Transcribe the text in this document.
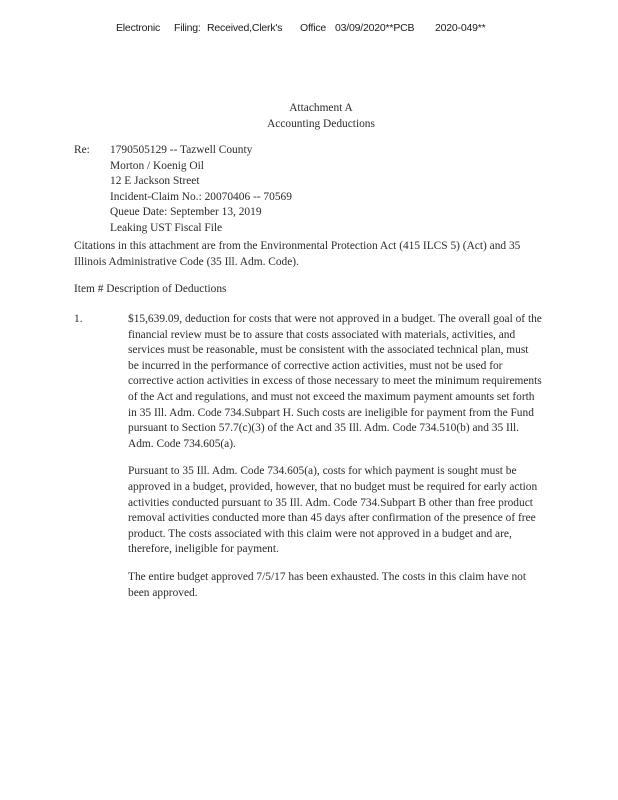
Electronic Filing: Received,Clerk's Office 03/09/2020**PCB 2020-049**
Attachment A
Accounting Deductions
Re: 1790505129 -- Tazwell County
Morton / Koenig Oil
12 E Jackson Street
Incident-Claim No.: 20070406 -- 70569
Queue Date: September 13, 2019
Leaking UST Fiscal File
Citations in this attachment are from the Environmental Protection Act (415 ILCS 5) (Act) and 35 Illinois Administrative Code (35 Ill. Adm. Code).
Item # Description of Deductions
1.	$15,639.09, deduction for costs that were not approved in a budget. The overall goal of the financial review must be to assure that costs associated with materials, activities, and services must be reasonable, must be consistent with the associated technical plan, must be incurred in the performance of corrective action activities, must not be used for corrective action activities in excess of those necessary to meet the minimum requirements of the Act and regulations, and must not exceed the maximum payment amounts set forth in 35 Ill. Adm. Code 734.Subpart H. Such costs are ineligible for payment from the Fund pursuant to Section 57.7(c)(3) of the Act and 35 Ill. Adm. Code 734.510(b) and 35 Ill. Adm. Code 734.605(a).

Pursuant to 35 Ill. Adm. Code 734.605(a), costs for which payment is sought must be approved in a budget, provided, however, that no budget must be required for early action activities conducted pursuant to 35 Ill. Adm. Code 734.Subpart B other than free product removal activities conducted more than 45 days after confirmation of the presence of free product. The costs associated with this claim were not approved in a budget and are, therefore, ineligible for payment.

The entire budget approved 7/5/17 has been exhausted. The costs in this claim have not been approved.
